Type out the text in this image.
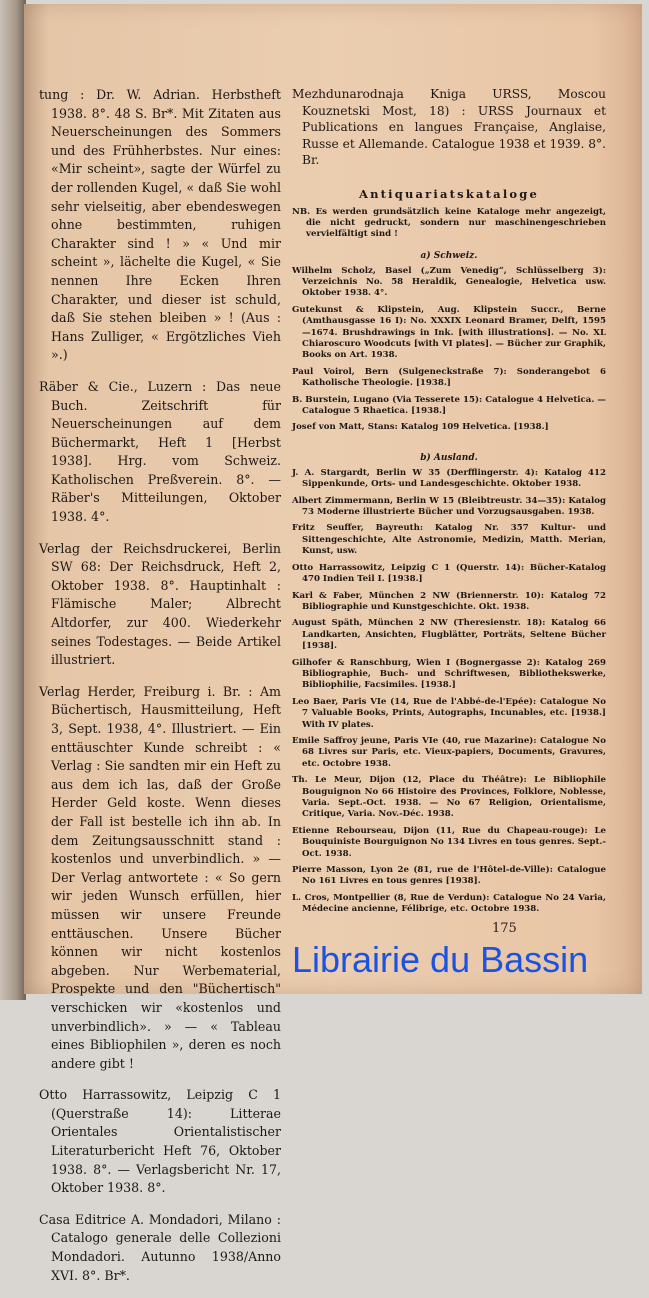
tung : Dr. W. Adrian. Herbstheft 1938. 8°. 48 S. Br*. Mit Zitaten aus Neuerscheinungen des Sommers und des Frühherbstes. Nur eines: «Mir scheint», sagte der Würfel zu der rollenden Kugel, « daß Sie wohl sehr vielseitig, aber ebendeswegen ohne bestimmten, ruhigen Charakter sind ! » « Und mir scheint », lächelte die Kugel, « Sie nennen Ihre Ecken Ihren Charakter, und dieser ist schuld, daß Sie stehen bleiben » ! (Aus : Hans Zulliger, « Ergötzliches Vieh ».)

Räber & Cie., Luzern : Das neue Buch. Zeitschrift für Neuerscheinungen auf dem Büchermarkt, Heft 1 [Herbst 1938]. Hrg. vom Schweiz. Katholischen Preßverein. 8°. — Räber's Mitteilungen, Oktober 1938. 4°.

Verlag der Reichsdruckerei, Berlin SW 68: Der Reichsdruck, Heft 2, Oktober 1938. 8°. Hauptinhalt : Flämische Maler; Albrecht Altdorfer, zur 400. Wiederkehr seines Todestages. — Beide Artikel illustriert.

Verlag Herder, Freiburg i. Br. : Am Büchertisch, Hausmitteilung, Heft 3, Sept. 1938, 4°. Illustriert. — Ein enttäuschter Kunde schreibt : « Verlag : Sie sandten mir ein Heft zu aus dem ich las, daß der Große Herder Geld koste. Wenn dieses der Fall ist bestelle ich ihn ab. In dem Zeitungsausschnitt stand : kostenlos und unverbindlich. » — Der Verlag antwortete : « So gern wir jeden Wunsch erfüllen, hier müssen wir unsere Freunde enttäuschen. Unsere Bücher können wir nicht kostenlos abgeben. Nur Werbematerial, Prospekte und den "Büchertisch" verschicken wir «kostenlos und unverbindlich». » — « Tableau eines Bibliophilen », deren es noch andere gibt !

Otto Harrassowitz, Leipzig C 1 (Querstraße 14): Litterae Orientales Orientalistischer Literaturbericht Heft 76, Oktober 1938. 8°. — Verlagsbericht Nr. 17, Oktober 1938. 8°.

Casa Editrice A. Mondadori, Milano : Catalogo generale delle Collezioni Mondadori. Autunno 1938/Anno XVI. 8°. Br*.

Mezhdunarodnaja Kniga URSS, Moscou Kouznetski Most, 18) : URSS Journaux et Publications en langues Française, Anglaise, Russe et Allemande. Catalogue 1938 et 1939. 8°. Br.
Antiquariatskataloge
NB. Es werden grundsätzlich keine Kataloge mehr angezeigt, die nicht gedruckt, sondern nur maschinengeschrieben vervielfältigt sind !
a) Schweiz.
Wilhelm Scholz, Basel („Zum Venedig“, Schlüsselberg 3): Verzeichnis No. 58 Heraldik, Genealogie, Helvetica usw. Oktober 1938. 4°.
Gutekunst & Klipstein, Aug. Klipstein Succr., Berne (Amthausgasse 16 I): No. XXXIX Leonard Bramer, Delft, 1595—1674. Brushdrawings in Ink. [with illustrations]. — No. XL Chiaroscuro Woodcuts [with VI plates]. — Bücher zur Graphik, Books on Art. 1938.
Paul Voirol, Bern (Sulgeneckstraße 7): Sonderangebot 6 Katholische Theologie. [1938.]
B. Burstein, Lugano (Via Tesserete 15): Catalogue 4 Helvetica. — Catalogue 5 Rhaetica. [1938.]
Josef von Matt, Stans: Katalog 109 Helvetica. [1938.]
b) Ausland.
J. A. Stargardt, Berlin W 35 (Derfflingerstr. 4): Katalog 412 Sippenkunde, Orts- und Landesgeschichte. Oktober 1938.
Albert Zimmermann, Berlin W 15 (Bleibtreustr. 34—35): Katalog 73 Moderne illustrierte Bücher und Vorzugsausgaben. 1938.
Fritz Seuffer, Bayreuth: Katalog Nr. 357 Kultur- und Sittengeschichte, Alte Astronomie, Medizin, Matth. Merian, Kunst, usw.
Otto Harrassowitz, Leipzig C 1 (Querstr. 14): Bücher-Katalog 470 Indien Teil I. [1938.]
Karl & Faber, München 2 NW (Briennerstr. 10): Katalog 72 Bibliographie und Kunstgeschichte. Okt. 1938.
August Späth, München 2 NW (Theresienstr. 18): Katalog 66 Landkarten, Ansichten, Flugblätter, Porträts, Seltene Bücher [1938].
Gilhofer & Ranschburg, Wien I (Bognergasse 2): Katalog 269 Bibliographie, Buch- und Schriftwesen, Bibliothekswerke, Bibliophilie, Facsimiles. [1938.]
Leo Baer, Paris VIe (14, Rue de l'Abbé-de-l'Epée): Catalogue No 7 Valuable Books, Prints, Autographs, Incunables, etc. [1938.] With IV plates.
Emile Saffroy jeune, Paris VIe (40, rue Mazarine): Catalogue No 68 Livres sur Paris, etc. Vieux-papiers, Documents, Gravures, etc. Octobre 1938.
Th. Le Meur, Dijon (12, Place du Théâtre): Le Bibliophile Bouguignon No 66 Histoire des Provinces, Folklore, Noblesse, Varia. Sept.-Oct. 1938. — No 67 Religion, Orientalisme, Critique, Varia. Nov.-Déc. 1938.
Etienne Rebourseau, Dijon (11, Rue du Chapeau-rouge): Le Bouquiniste Bourguignon No 134 Livres en tous genres. Sept.-Oct. 1938.
Pierre Masson, Lyon 2e (81, rue de l'Hôtel-de-Ville): Catalogue No 161 Livres en tous genres [1938].
L. Cros, Montpellier (8, Rue de Verdun): Catalogue No 24 Varia, Médecine ancienne, Félibrige, etc. Octobre 1938.
175
Librairie du Bassin
